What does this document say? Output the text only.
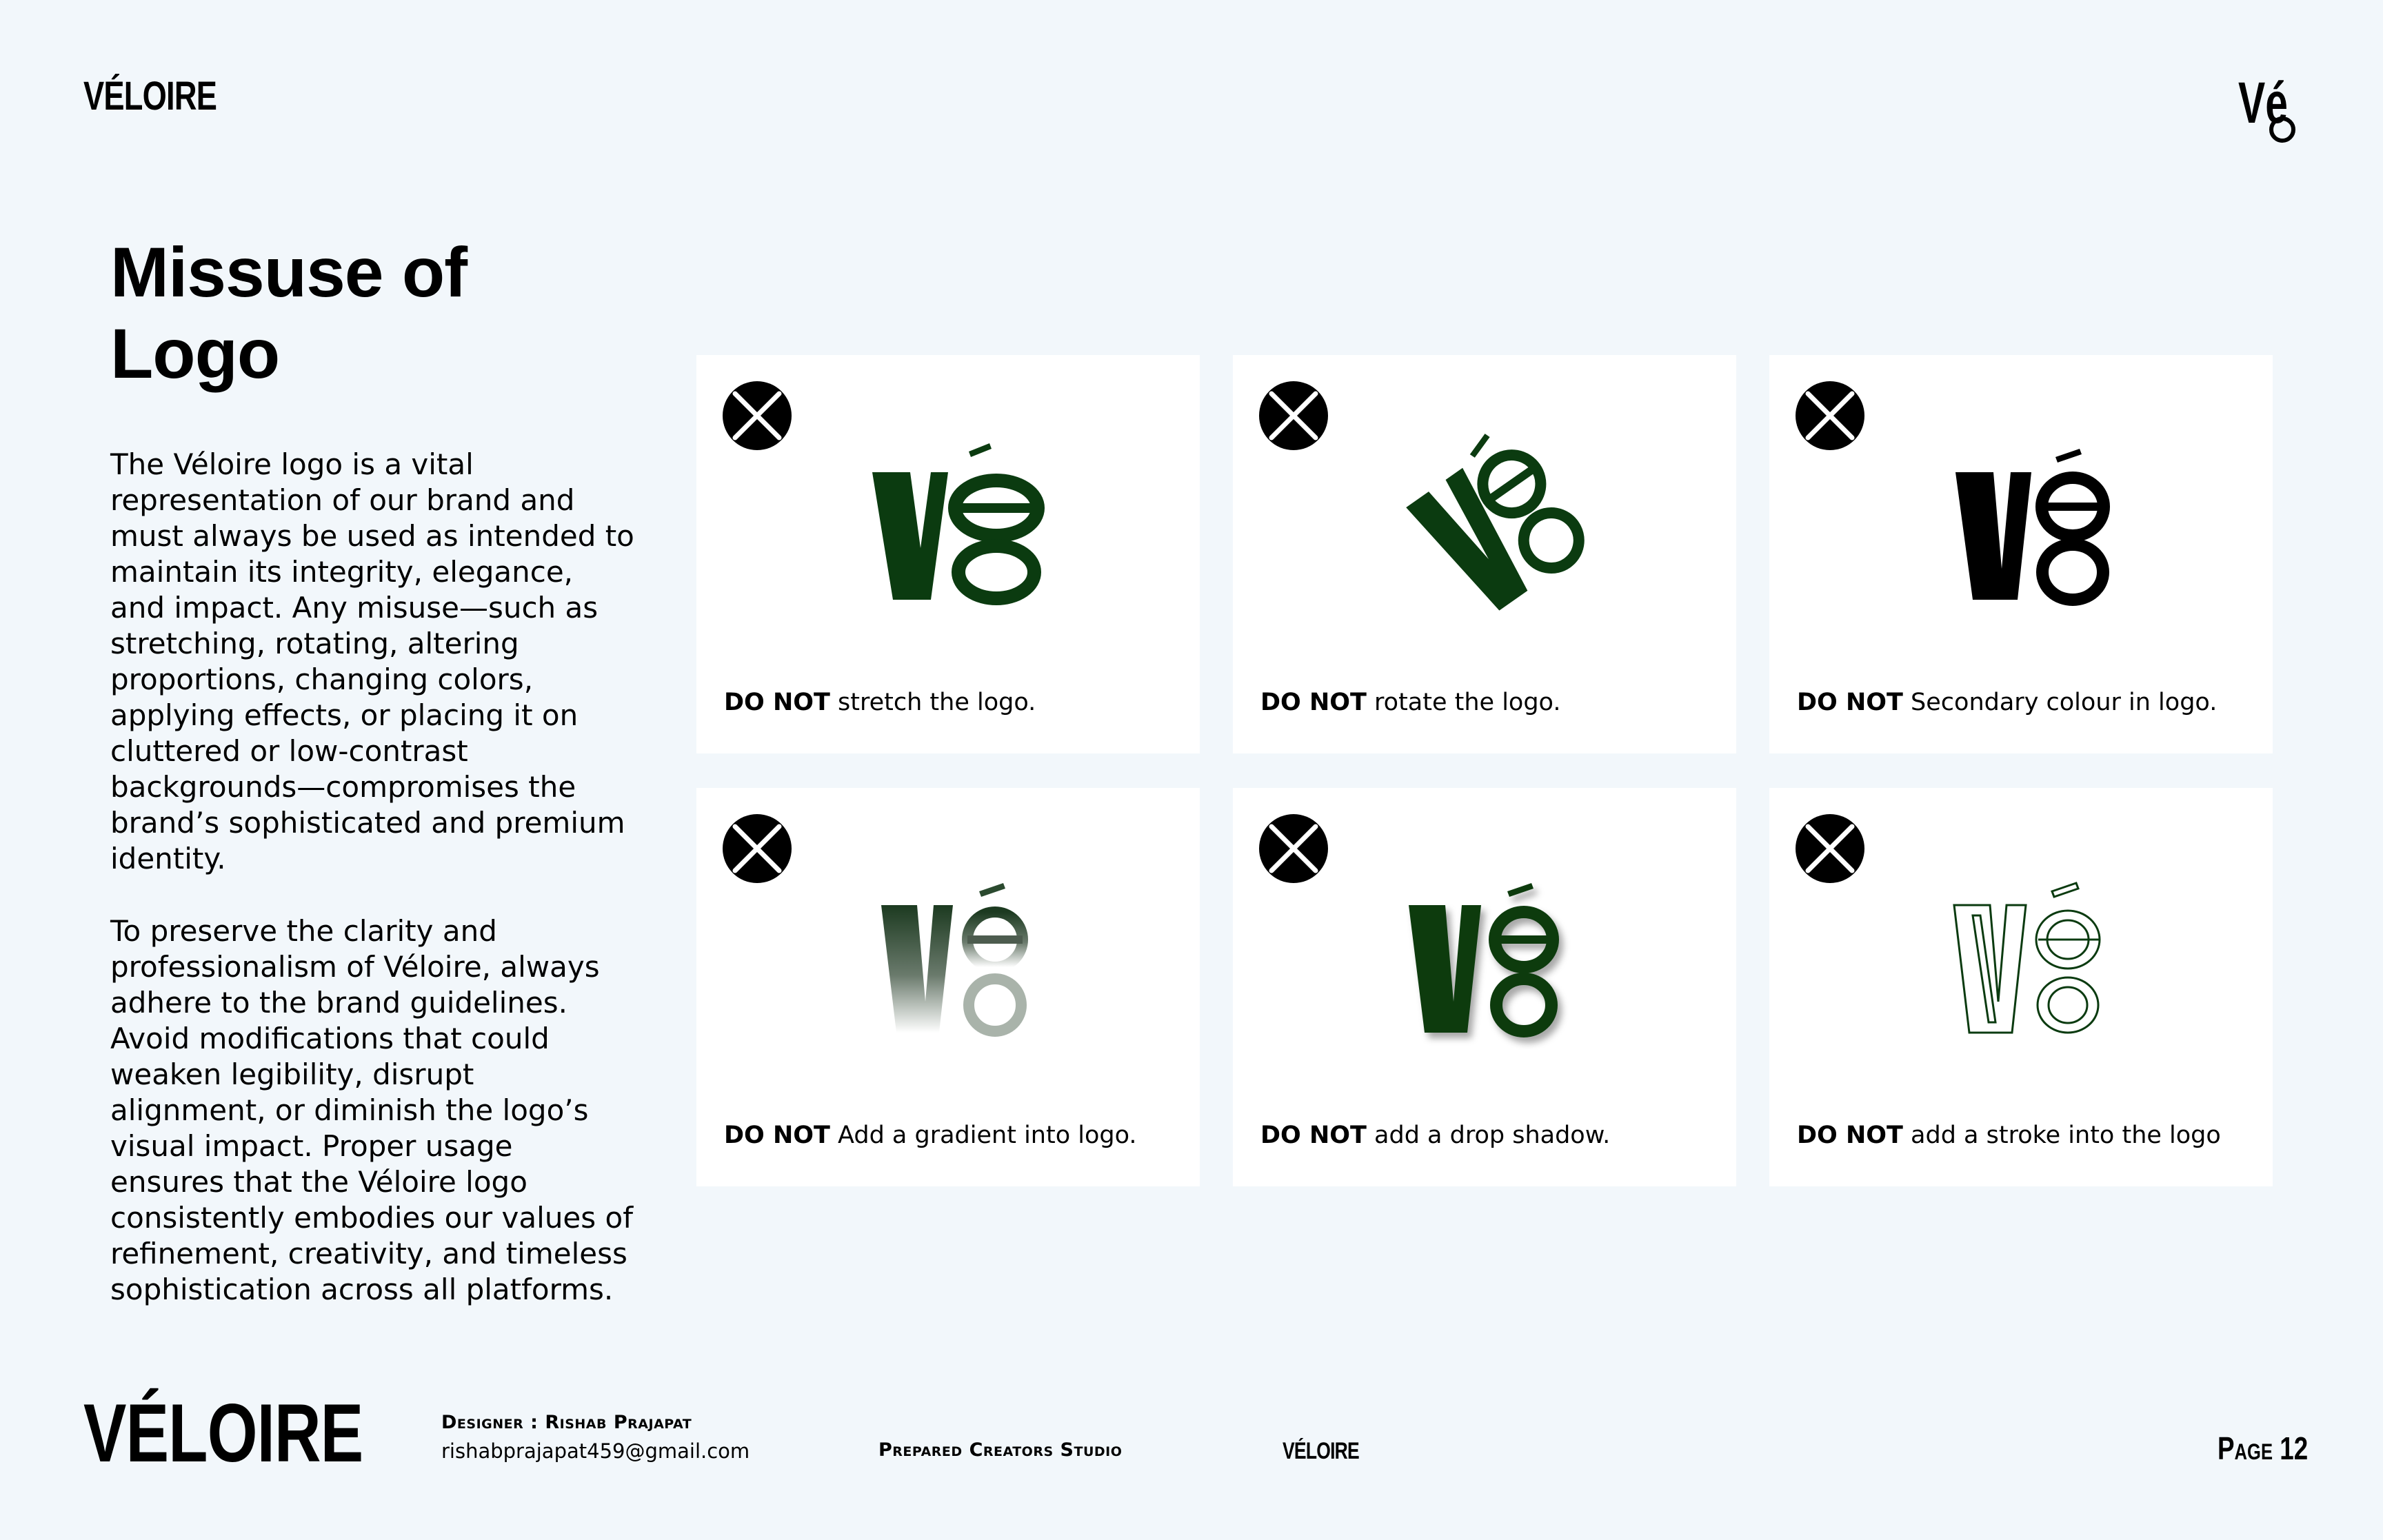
VÉLOIRE	Vé
Missuse of Logo

The Véloire logo is a vital representation of our brand and must always be used as intended to maintain its integrity, elegance, and impact. Any misuse—such as stretching, rotating, altering proportions, changing colors, applying effects, or placing it on cluttered or low-contrast backgrounds—compromises the brand’s sophisticated and premium identity.

To preserve the clarity and professionalism of Véloire, always adhere to the brand guidelines. Avoid modifications that could weaken legibility, disrupt alignment, or diminish the logo’s visual impact. Proper usage ensures that the Véloire logo consistently embodies our values of refinement, creativity, and timeless sophistication across all platforms.

DO NOT stretch the logo.	DO NOT rotate the logo.	DO NOT Secondary colour in logo.
DO NOT Add a gradient into logo.	DO NOT add a drop shadow.	DO NOT add a stroke into the logo
VÉLOIRE	Designer : Rishab Prajapat
rishabprajapat459@gmail.com	Prepared Creators Studio	VÉLOIRE	Page 12
